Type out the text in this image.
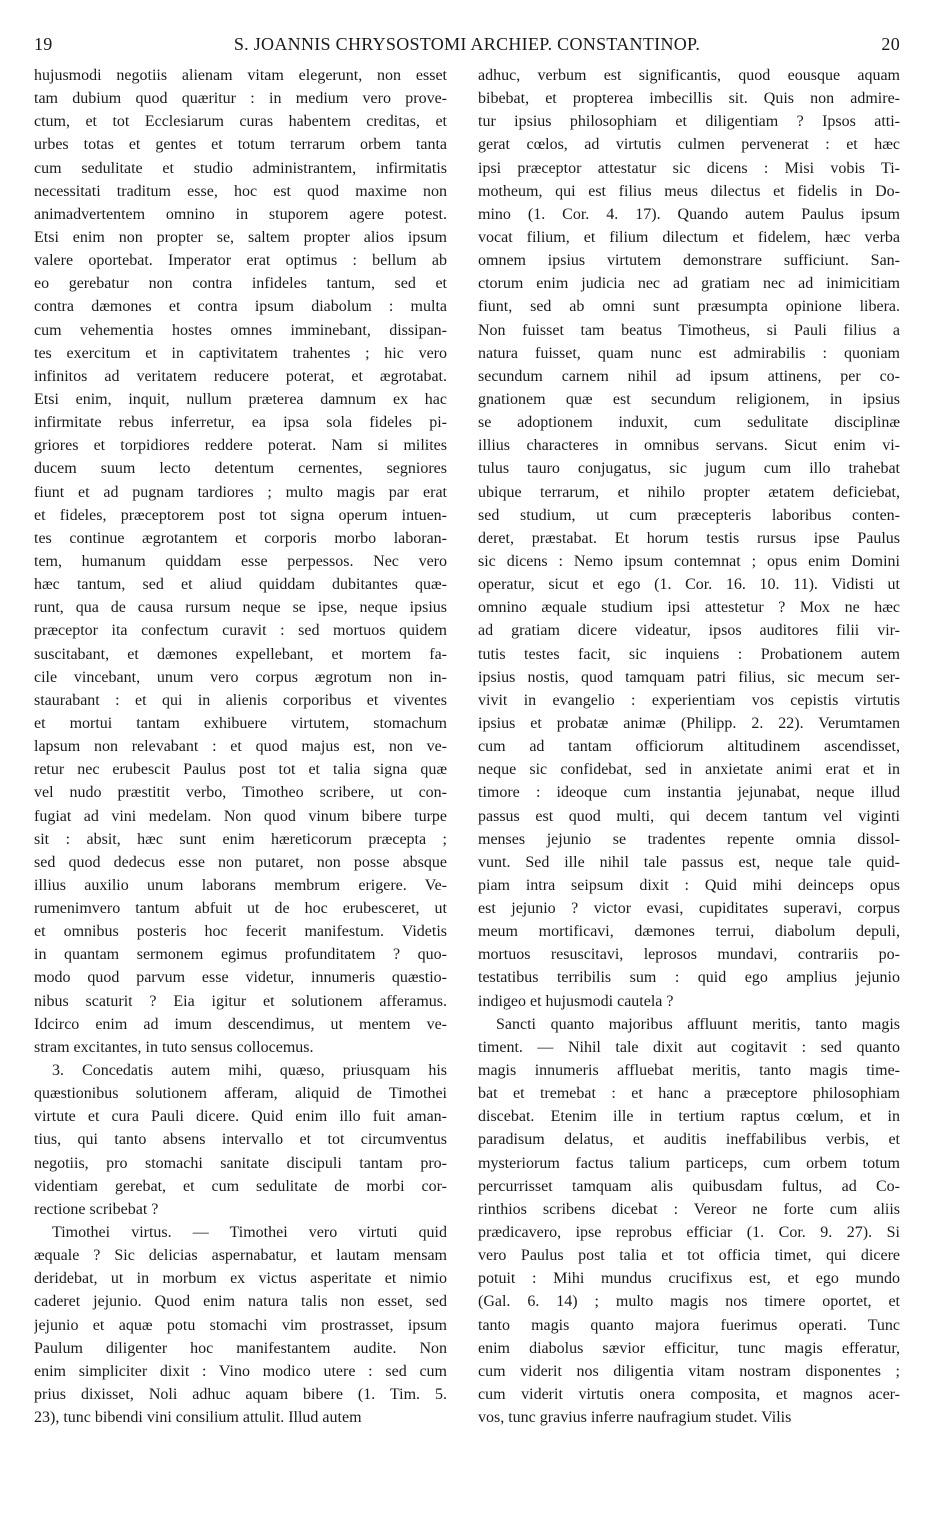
19	S. JOANNIS CHRYSOSTOMI ARCHIEP. CONSTANTINOP.	20
hujusmodi negotiis alienam vitam elegerunt, non esset
tam dubium quod quæritur : in medium vero prove-
ctum, et tot Ecclesiarum curas habentem creditas, et
urbes totas et gentes et totum terrarum orbem tanta
cum sedulitate et studio administrantem, infirmitatis
necessitati traditum esse, hoc est quod maxime non
animadvertentem omnino in stuporem agere potest.
Etsi enim non propter se, saltem propter alios ipsum
valere oportebat. Imperator erat optimus : bellum ab
eo gerebatur non contra infideles tantum, sed et
contra dæmones et contra ipsum diabolum : multa
cum vehementia hostes omnes imminebant, dissipan-
tes exercitum et in captivitatem trahentes ; hic vero
infinitos ad veritatem reducere poterat, et ægrotabat.
Etsi enim, inquit, nullum præterea damnum ex hac
infirmitate rebus inferretur, ea ipsa sola fideles pi-
griores et torpidiores reddere poterat. Nam si milites
ducem suum lecto detentum cernentes, segniores
fiunt et ad pugnam tardiores ; multo magis par erat
et fideles, præceptorem post tot signa operum intuen-
tes continue ægrotantem et corporis morbo laboran-
tem, humanum quiddam esse perpessos. Nec vero
hæc tantum, sed et aliud quiddam dubitantes quæ-
runt, qua de causa rursum neque se ipse, neque ipsius
præceptor ita confectum curavit : sed mortuos quidem
suscitabant, et dæmones expellebant, et mortem fa-
cile vincebant, unum vero corpus ægrotum non in-
staurabant : et qui in alienis corporibus et viventes
et mortui tantam exhibuere virtutem, stomachum
lapsum non relevabant : et quod majus est, non ve-
retur nec erubescit Paulus post tot et talia signa quæ
vel nudo præstitit verbo, Timotheo scribere, ut con-
fugiat ad vini medelam. Non quod vinum bibere turpe
sit : absit, hæc sunt enim hæreticorum præcepta ;
sed quod dedecus esse non putaret, non posse absque
illius auxilio unum laborans membrum erigere. Ve-
rumenimvero tantum abfuit ut de hoc erubesceret, ut
et omnibus posteris hoc fecerit manifestum. Videtis
in quantam sermonem egimus profunditatem ? quo-
modo quod parvum esse videtur, innumeris quæstio-
nibus scaturit ? Eia igitur et solutionem afferamus.
Idcirco enim ad imum descendimus, ut mentem ve-
stram excitantes, in tuto sensus collocemus.
3. Concedatis autem mihi, quæso, priusquam his
quæstionibus solutionem afferam, aliquid de Timothei
virtute et cura Pauli dicere. Quid enim illo fuit aman-
tius, qui tanto absens intervallo et tot circumventus
negotiis, pro stomachi sanitate discipuli tantam pro-
videntiam gerebat, et cum sedulitate de morbi cor-
rectione scribebat ?
Timothei virtus. — Timothei vero virtuti quid
æquale ? Sic delicias aspernabatur, et lautam mensam
deridebat, ut in morbum ex victus asperitate et nimio
caderet jejunio. Quod enim natura talis non esset, sed
jejunio et aquæ potu stomachi vim prostrasset, ipsum
Paulum diligenter hoc manifestantem audite. Non
enim simpliciter dixit : Vino modico utere : sed cum
prius dixisset, Noli adhuc aquam bibere (1. Tim. 5.
23), tunc bibendi vini consilium attulit. Illud autem
adhuc, verbum est significantis, quod eousque aquam
bibebat, et propterea imbecillis sit. Quis non admire-
tur ipsius philosophiam et diligentiam ? Ipsos atti-
gerat cœlos, ad virtutis culmen pervenerat : et hæc
ipsi præceptor attestatur sic dicens : Misi vobis Ti-
motheum, qui est filius meus dilectus et fidelis in Do-
mino (1. Cor. 4. 17). Quando autem Paulus ipsum
vocat filium, et filium dilectum et fidelem, hæc verba
omnem ipsius virtutem demonstrare sufficiunt. San-
ctorum enim judicia nec ad gratiam nec ad inimicitiam
fiunt, sed ab omni sunt præsumpta opinione libera.
Non fuisset tam beatus Timotheus, si Pauli filius a
natura fuisset, quam nunc est admirabilis : quoniam
secundum carnem nihil ad ipsum attinens, per co-
gnationem quæ est secundum religionem, in ipsius
se adoptionem induxit, cum sedulitate disciplinæ
illius characteres in omnibus servans. Sicut enim vi-
tulus tauro conjugatus, sic jugum cum illo trahebat
ubique terrarum, et nihilo propter ætatem deficiebat,
sed studium, ut cum præcepteris laboribus conten-
deret, præstabat. Et horum testis rursus ipse Paulus
sic dicens : Nemo ipsum contemnat ; opus enim Domini
operatur, sicut et ego (1. Cor. 16. 10. 11). Vidisti ut
omnino æquale studium ipsi attestetur ? Mox ne hæc
ad gratiam dicere videatur, ipsos auditores filii vir-
tutis testes facit, sic inquiens : Probationem autem
ipsius nostis, quod tamquam patri filius, sic mecum ser-
vivit in evangelio : experientiam vos cepistis virtutis
ipsius et probatæ animæ (Philipp. 2. 22). Verumtamen
cum ad tantam officiorum altitudinem ascendisset,
neque sic confidebat, sed in anxietate animi erat et in
timore : ideoque cum instantia jejunabat, neque illud
passus est quod multi, qui decem tantum vel viginti
menses jejunio se tradentes repente omnia dissol-
vunt. Sed ille nihil tale passus est, neque tale quid-
piam intra seipsum dixit : Quid mihi deinceps opus
est jejunio ? victor evasi, cupiditates superavi, corpus
meum mortificavi, dæmones terrui, diabolum depuli,
mortuos resuscitavi, leprosos mundavi, contrariis po-
testatibus terribilis sum : quid ego amplius jejunio
indigeo et hujusmodi cautela ?
Sancti quanto majoribus affluunt meritis, tanto magis
timent. — Nihil tale dixit aut cogitavit : sed quanto
magis innumeris affluebat meritis, tanto magis time-
bat et tremebat : et hanc a præceptore philosophiam
discebat. Etenim ille in tertium raptus cœlum, et in
paradisum delatus, et auditis ineffabilibus verbis, et
mysteriorum factus talium particeps, cum orbem totum
percurrisset tamquam alis quibusdam fultus, ad Co-
rinthios scribens dicebat : Vereor ne forte cum aliis
prædicavero, ipse reprobus efficiar (1. Cor. 9. 27). Si
vero Paulus post talia et tot officia timet, qui dicere
potuit : Mihi mundus crucifixus est, et ego mundo
(Gal. 6. 14) ; multo magis nos timere oportet, et
tanto magis quanto majora fuerimus operati. Tunc
enim diabolus sævior efficitur, tunc magis efferatur,
cum viderit nos diligentia vitam nostram disponentes ;
cum viderit virtutis onera composita, et magnos acer-
vos, tunc gravius inferre naufragium studet. Vilis
